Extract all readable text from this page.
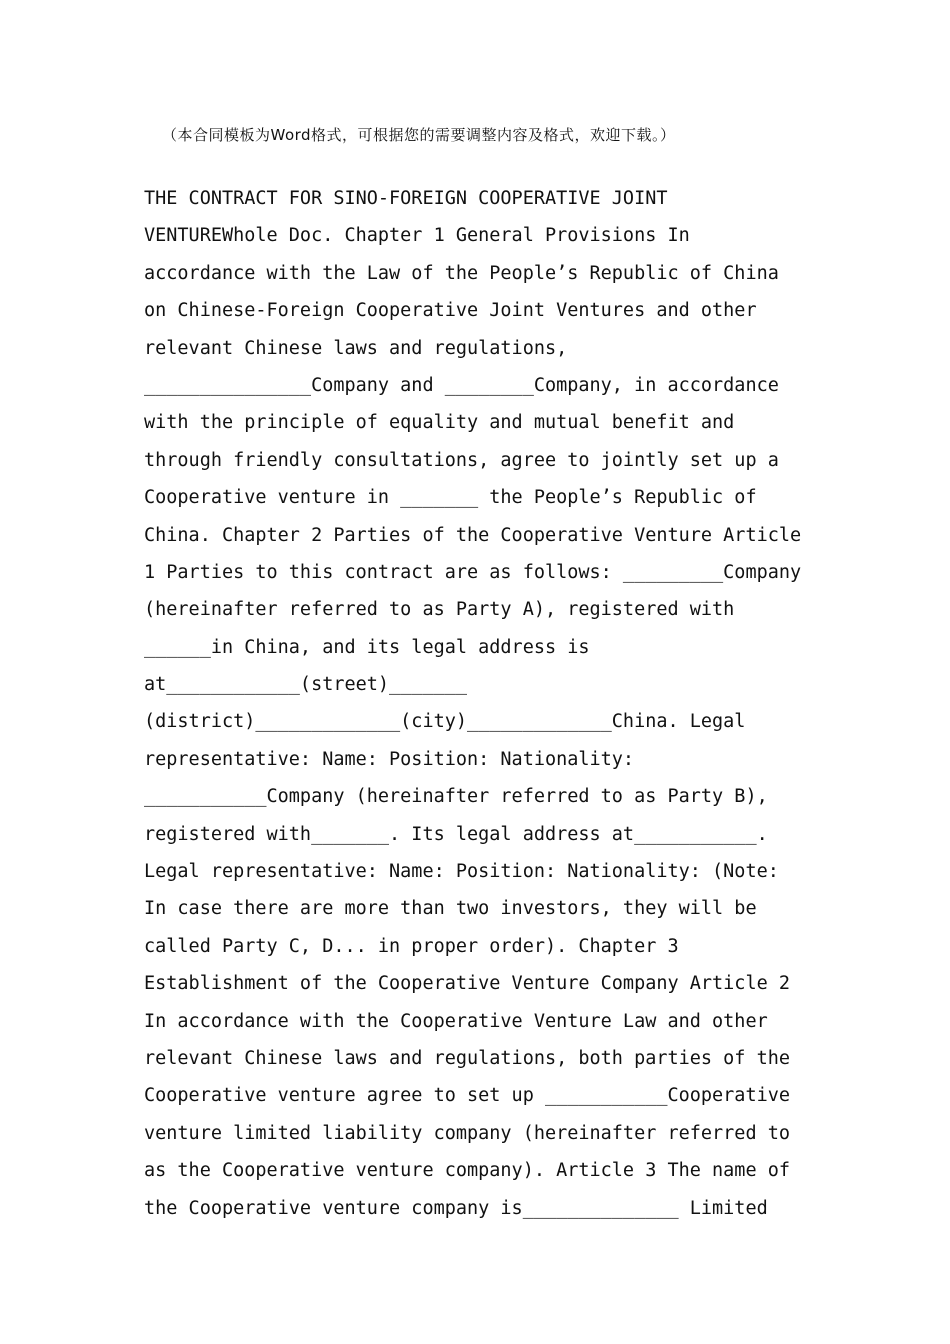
（本合同模板为Word格式，可根据您的需要调整内容及格式，欢迎下载。）
THE CONTRACT FOR SINO-FOREIGN COOPERATIVE JOINT
VENTUREWhole Doc. Chapter 1 General Provisions In
accordance with the Law of the People’s Republic of China
on Chinese-Foreign Cooperative Joint Ventures and other
relevant Chinese laws and regulations,
_______________Company and ________Company, in accordance
with the principle of equality and mutual benefit and
through friendly consultations, agree to jointly set up a
Cooperative venture in _______ the People’s Republic of
China. Chapter 2 Parties of the Cooperative Venture Article
1 Parties to this contract are as follows: _________Company
(hereinafter referred to as Party A), registered with
______in China, and its legal address is
at____________(street)_______
(district)_____________(city)_____________China. Legal
representative: Name: Position: Nationality:
___________Company (hereinafter referred to as Party B),
registered with_______. Its legal address at___________.
Legal representative: Name: Position: Nationality: (Note:
In case there are more than two investors, they will be
called Party C, D... in proper order). Chapter 3
Establishment of the Cooperative Venture Company Article 2
In accordance with the Cooperative Venture Law and other
relevant Chinese laws and regulations, both parties of the
Cooperative venture agree to set up ___________Cooperative
venture limited liability company (hereinafter referred to
as the Cooperative venture company). Article 3 The name of
the Cooperative venture company is______________ Limited
